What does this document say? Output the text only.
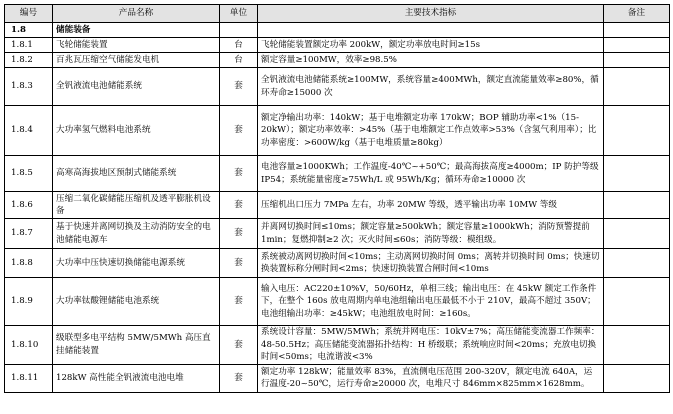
编号	产品名称	单位	主要技术指标	备注
1.8	储能装备			
1.8.1	飞轮储能装置	台	飞轮储能装置额定功率 200kW，额定功率放电时间≥15s	
1.8.2	百兆瓦压缩空气储能发电机	台	额定容量≥100MW，效率≥98.5%	
1.8.3	全钒液流电池储能系统	套	全钒液流电池储能系统≥100MW，系统容量≥400MWh，额定直流能量效率≥80%，循环寿命≥15000 次	
1.8.4	大功率氢气燃料电池系统	套	额定净输出功率：140kW；基于电堆额定功率 170kW；BOP 辅助功率<1%（15-20kW）；额定功率效率：>45%（基于电堆额定工作点效率>53%（含氢气利用率）；比功率密度：>600W/kg（基于电堆质量≥80kg）	
1.8.5	高寒高海拔地区预制式储能系统	套	电池容量≥1000KWh；工作温度-40℃~+50℃；最高海拔高度≥4000m；IP 防护等级 IP54；系统能量密度≥75Wh/L 或 95Wh/Kg；循环寿命≥10000 次	
1.8.6	压缩二氧化碳储能压缩机及透平膨胀机设备	套	压缩机出口压力 7MPa 左右，功率 20MW 等级，透平输出功率 10MW 等级	
1.8.7	基于快速并离网切换及主动消防安全的电池储能电源车	套	并离网切换时间≤10ms；额定容量≥500kWh；额定容量≥1000kWh；消防预警提前 1min；复燃抑制≥2 次；灭火时间≤60s；消防等级：模组级。	
1.8.8	大功率中压快速切换储能电源系统	套	系统被动离网切换时间<10ms；主动离网切换时间 0ms；离转并切换时间 0ms；快速切换装置标称分闸时间<2ms；快速切换装置合闸时间<10ms	
1.8.9	大功率钛酸锂储能电池系统	套	输入电压：AC220±10%V，50/60Hz，单相三线；输出电压：在 45kW 额定工作条件下，在整个 160s 放电周期内单电池组输出电压最低不小于 210V，最高不超过 350V；电池组输出功率：≥45kW；电池组放电时间：≥160s。	
1.8.10	级联型多电平结构 5MW/5MWh 高压直挂储能装置	套	系统设计容量：5MW/5MWh；系统并网电压：10kV±7%；高压储能变流器工作频率：48-50.5Hz；高压储能变流器拓扑结构：H 桥级联；系统响应时间<20ms；充放电切换时间<50ms；电流谐波<3%	
1.8.11	128kW 高性能全钒液流电池电堆	套	额定功率 128kW；能量效率 83%，直流侧电压范围 200-320V，额定电流 640A，运行温度-20~50℃，运行寿命≥20000 次，电堆尺寸 846mm×825mm×1628mm。	
